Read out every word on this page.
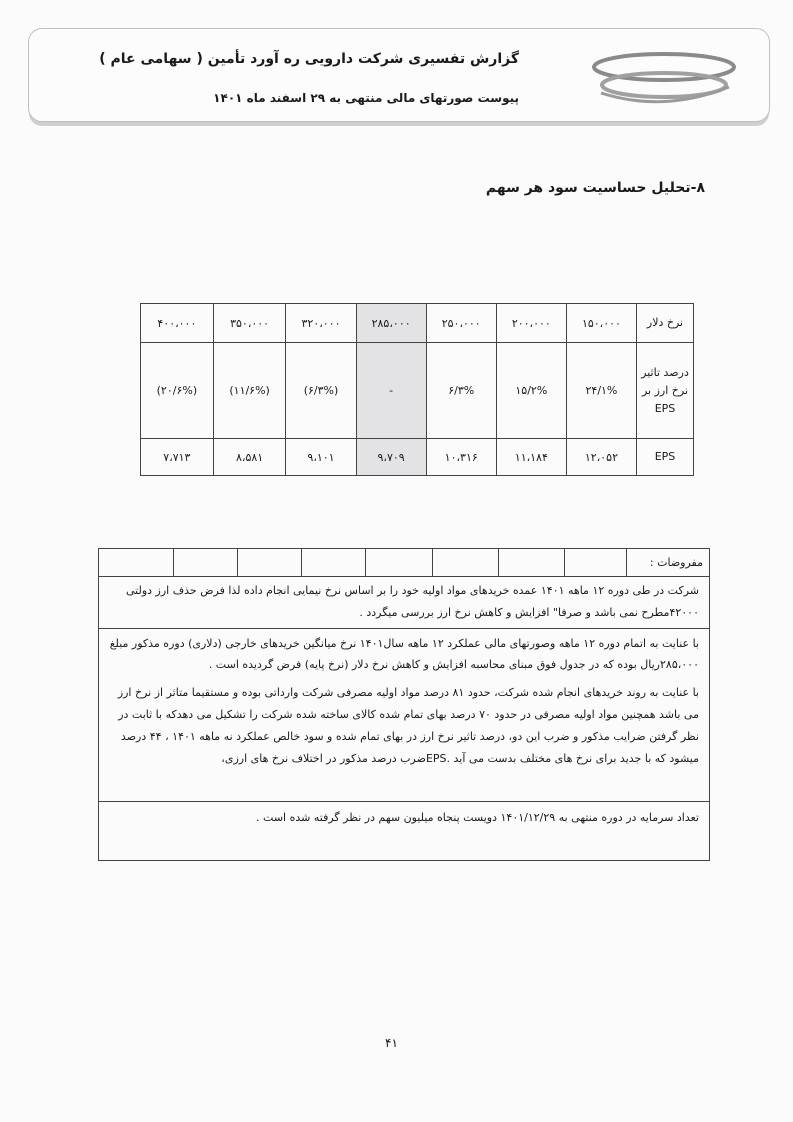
گزارش تفسیری شرکت دارویی ره آورد تأمین ( سهامی عام )
پیوست صورتهای مالی منتهی به ۲۹ اسفند ماه ۱۴۰۱
۸-تحلیل حساسیت سود هر سهم
نرخ دلار	۱۵۰،۰۰۰	۲۰۰،۰۰۰	۲۵۰،۰۰۰	۲۸۵،۰۰۰	۳۲۰،۰۰۰	۳۵۰،۰۰۰	۴۰۰،۰۰۰
درصد تاثیر نرخ ارز بر EPS	۲۴/۱%	۱۵/۲%	۶/۳%	-	(۶/۳%)	(۱۱/۶%)	(۲۰/۶%)
EPS	۱۲،۰۵۲	۱۱،۱۸۴	۱۰،۳۱۶	۹،۷۰۹	۹،۱۰۱	۸،۵۸۱	۷،۷۱۳
مفروضات :
شرکت در طی دوره ۱۲ ماهه ۱۴۰۱ عمده خریدهای مواد اولیه خود را بر اساس نرخ نیمایی انجام داده لذا فرض حذف ارز دولتی ۴۲۰۰۰مطرح نمی باشد و صرفا" افزایش و کاهش نرخ ارز بررسی میگردد .
با عنایت به اتمام دوره ۱۲ ماهه وصورتهای مالی عملکرد ۱۲ ماهه سال۱۴۰۱ نرخ میانگین خریدهای خارجی (دلاری) دوره مذکور مبلغ ۲۸۵،۰۰۰ریال بوده که در جدول فوق مبنای محاسبه افزایش و کاهش نرخ دلار (نرخ پایه) فرض گردیده است .
با عنایت به روند خریدهای انجام شده شرکت، حدود ۸۱ درصد مواد اولیه مصرفی شرکت وارداتی بوده و مستقیما متاثر از نرخ ارز می باشد همچنین مواد اولیه مصرفی در حدود ۷۰ درصد بهای تمام شده کالای ساخته شده شرکت را تشکیل می دهدکه با ثابت در نظر گرفتن ضرایب مذکور و ضرب این دو، درصد تاثیر نرخ ارز در بهای تمام شده و سود خالص عملکرد نه ماهه ۱۴۰۱ ، ۴۴ درصد میشود که با جدید برای نرخ های مختلف بدست می آید .EPSضرب درصد مذکور در اختلاف نرخ های ارزی،
تعداد سرمایه در دوره منتهی به ۱۴۰۱/۱۲/۲۹ دویست پنجاه میلیون سهم در نظر گرفته شده است .
۴۱
